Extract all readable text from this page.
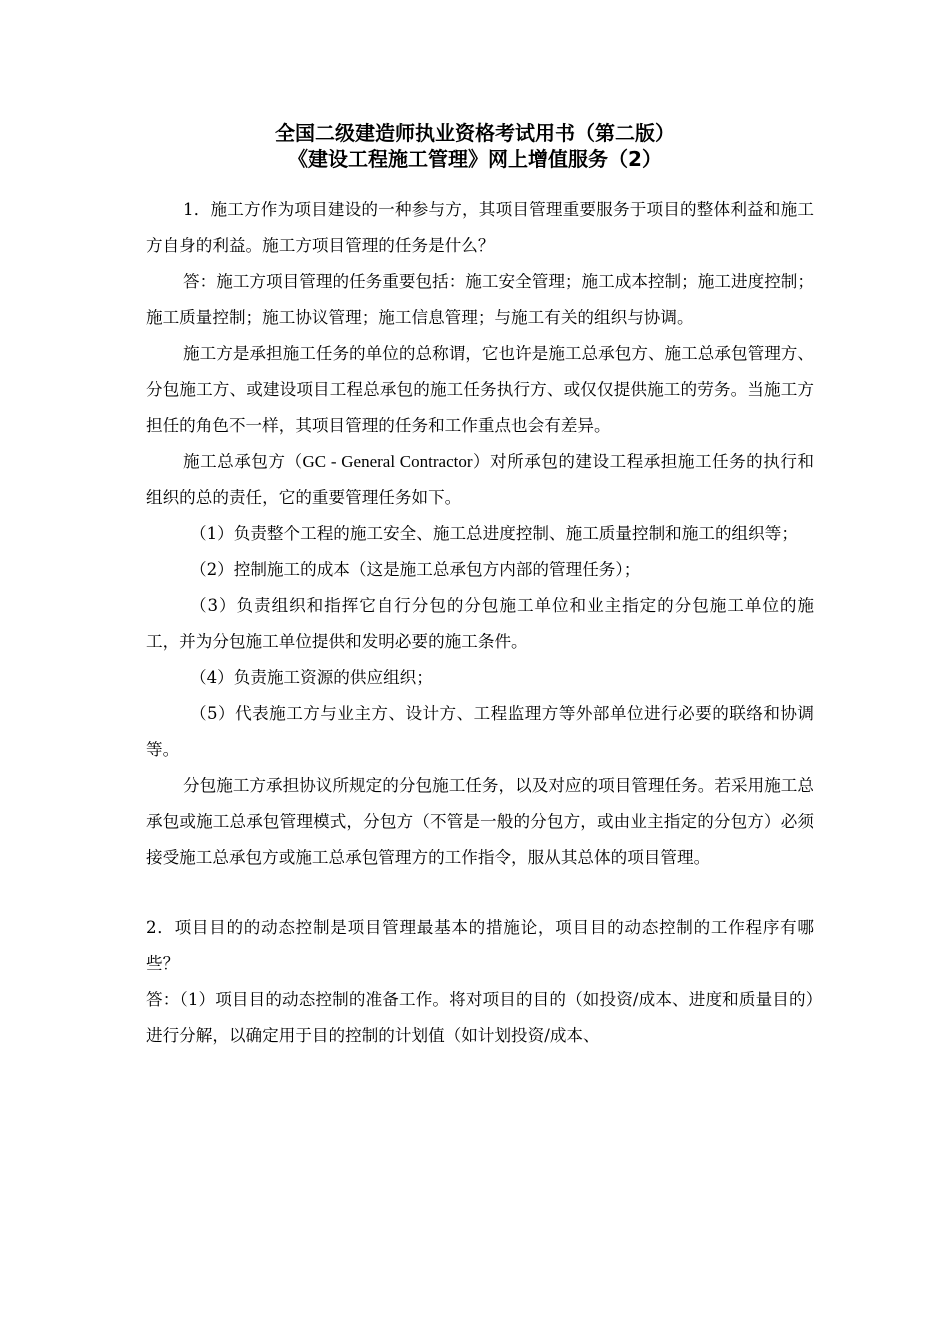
全国二级建造师执业资格考试用书（第二版）
《建设工程施工管理》网上增值服务（2）

1．施工方作为项目建设的一种参与方，其项目管理重要服务于项目的整体利益和施工方自身的利益。施工方项目管理的任务是什么？

答：施工方项目管理的任务重要包括：施工安全管理；施工成本控制；施工进度控制；施工质量控制；施工协议管理；施工信息管理；与施工有关的组织与协调。

施工方是承担施工任务的单位的总称谓，它也许是施工总承包方、施工总承包管理方、分包施工方、或建设项目工程总承包的施工任务执行方、或仅仅提供施工的劳务。当施工方担任的角色不一样，其项目管理的任务和工作重点也会有差异。

施工总承包方（GC - General Contractor）对所承包的建设工程承担施工任务的执行和组织的总的责任，它的重要管理任务如下。

（1）负责整个工程的施工安全、施工总进度控制、施工质量控制和施工的组织等；

（2）控制施工的成本（这是施工总承包方内部的管理任务）；

（3）负责组织和指挥它自行分包的分包施工单位和业主指定的分包施工单位的施工，并为分包施工单位提供和发明必要的施工条件。

（4）负责施工资源的供应组织；

（5）代表施工方与业主方、设计方、工程监理方等外部单位进行必要的联络和协调等。

分包施工方承担协议所规定的分包施工任务，以及对应的项目管理任务。若采用施工总承包或施工总承包管理模式，分包方（不管是一般的分包方，或由业主指定的分包方）必须接受施工总承包方或施工总承包管理方的工作指令，服从其总体的项目管理。

2．项目目的的动态控制是项目管理最基本的措施论，项目目的动态控制的工作程序有哪些？

答：（1）项目目的动态控制的准备工作。将对项目的目的（如投资/成本、进度和质量目的）进行分解，以确定用于目的控制的计划值（如计划投资/成本、
